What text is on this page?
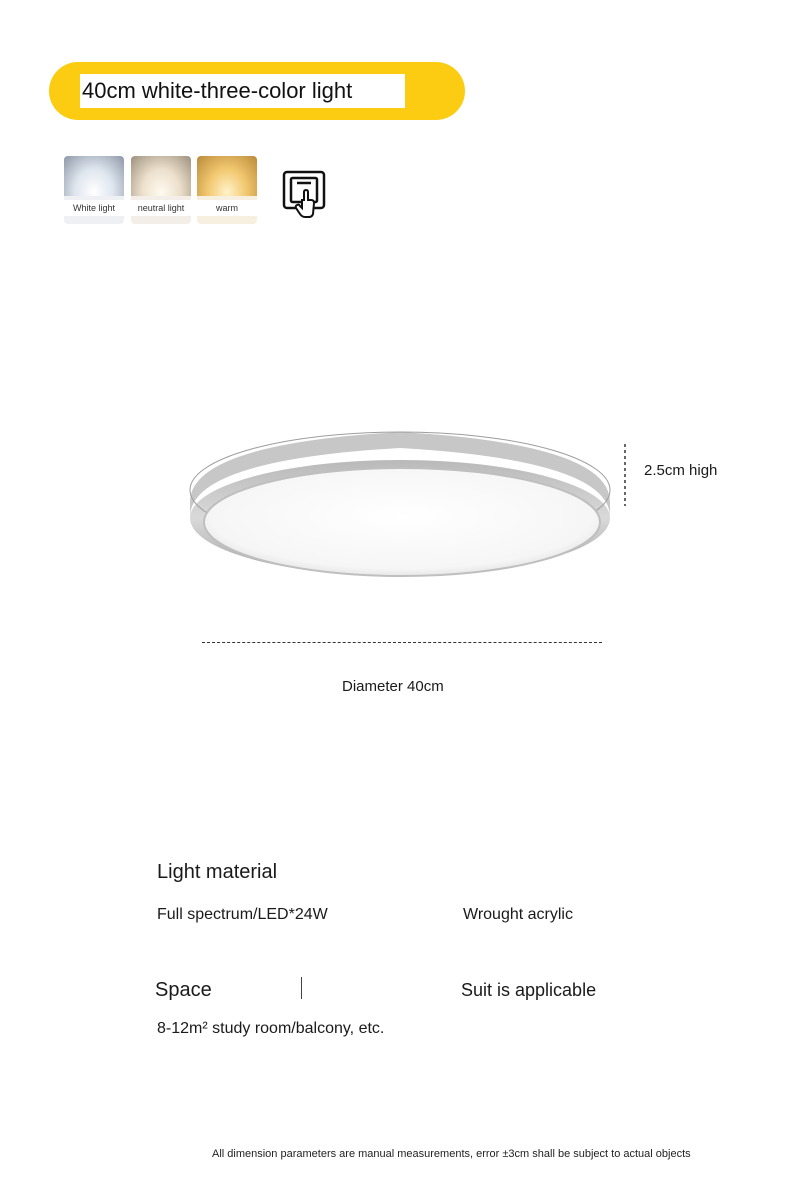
40cm white-three-color light
White light	neutral light	warm
2.5cm high
Diameter 40cm
Light material
Full spectrum/LED*24W	Wrought acrylic
Space	Suit is applicable
8-12m² study room/balcony, etc.
All dimension parameters are manual measurements, error ±3cm shall be subject to actual objects
